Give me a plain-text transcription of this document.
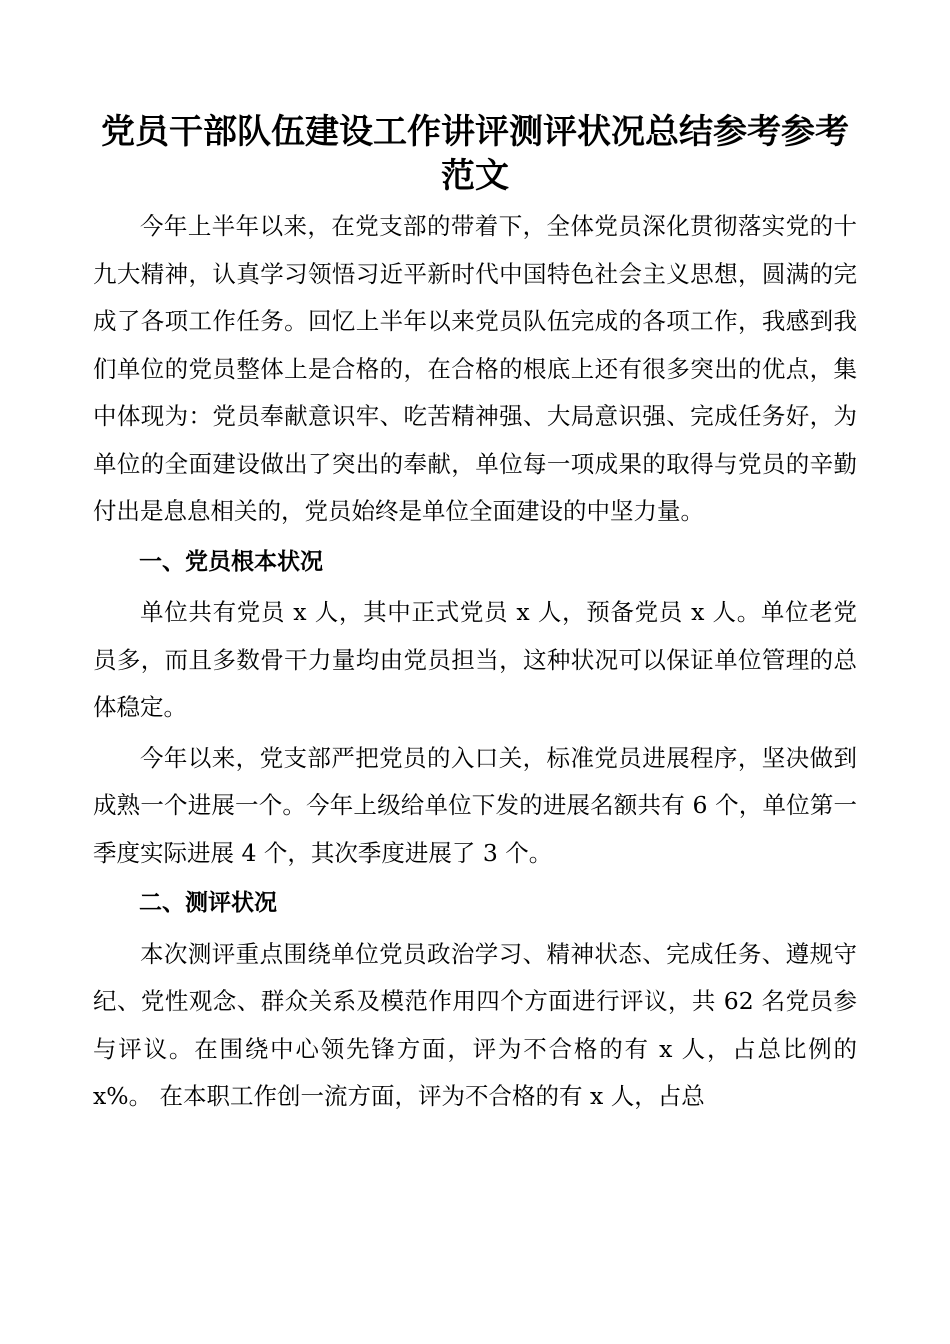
党员干部队伍建设工作讲评测评状况总结参考参考范文

今年上半年以来，在党支部的带着下，全体党员深化贯彻落实党的十九大精神，认真学习领悟习近平新时代中国特色社会主义思想，圆满的完成了各项工作任务。回忆上半年以来党员队伍完成的各项工作，我感到我们单位的党员整体上是合格的，在合格的根底上还有很多突出的优点，集中体现为：党员奉献意识牢、吃苦精神强、大局意识强、完成任务好，为单位的全面建设做出了突出的奉献，单位每一项成果的取得与党员的辛勤付出是息息相关的，党员始终是单位全面建设的中坚力量。

一、党员根本状况

单位共有党员 x 人，其中正式党员 x 人，预备党员 x 人。单位老党员多，而且多数骨干力量均由党员担当，这种状况可以保证单位管理的总体稳定。

今年以来，党支部严把党员的入口关，标准党员进展程序，坚决做到成熟一个进展一个。今年上级给单位下发的进展名额共有 6 个，单位第一季度实际进展 4 个，其次季度进展了 3 个。

二、测评状况

本次测评重点围绕单位党员政治学习、精神状态、完成任务、遵规守纪、党性观念、群众关系及模范作用四个方面进行评议，共 62 名党员参与评议。在围绕中心领先锋方面，评为不合格的有 x 人，占总比例的 x%。 在本职工作创一流方面，评为不合格的有 x 人，占总
